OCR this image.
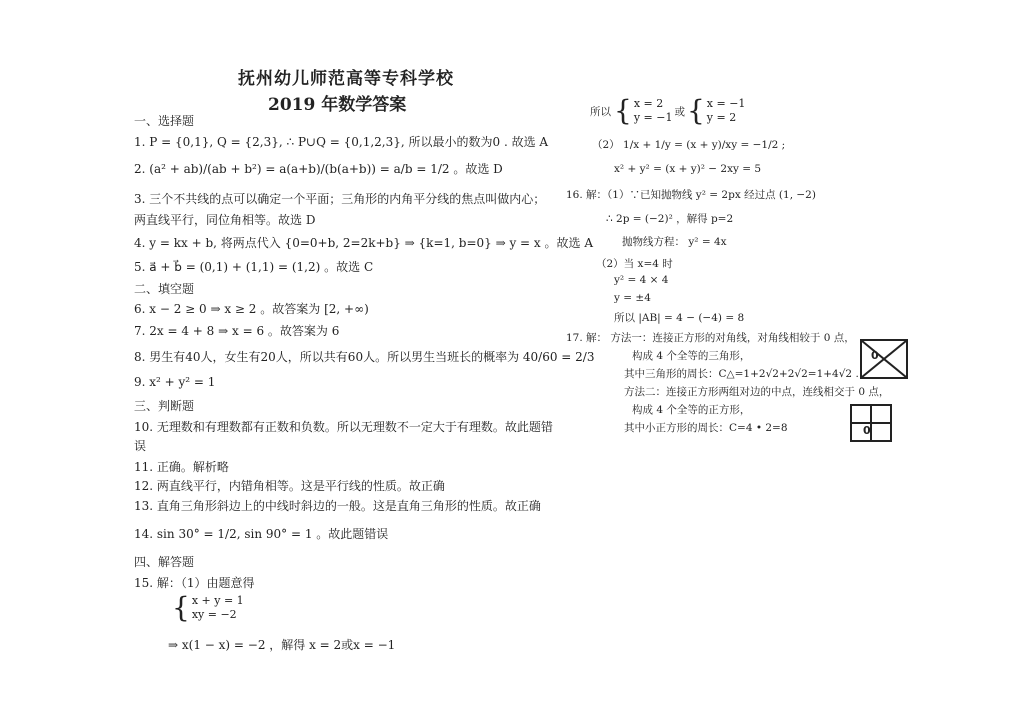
抚州幼儿师范高等专科学校
2019 年数学答案
一、选择题
1. P = {0,1}, Q = {2,3}, ∴ P∪Q = {0,1,2,3}, 所以最小的数为0 . 故选 A
2. (a² + ab)/(ab + b²) = a(a+b)/(b(a+b)) = a/b = 1/2 。故选 D
3. 三个不共线的点可以确定一个平面；三角形的内角平分线的焦点叫做内心；
两直线平行，同位角相等。故选 D
4. y = kx + b, 将两点代入 {0=0+b, 2=2k+b} ⇒ {k=1, b=0} ⇒ y = x 。故选 A
5. a⃗ + b⃗ = (0,1) + (1,1) = (1,2) 。故选 C
二、填空题
6. x − 2 ≥ 0 ⇒ x ≥ 2 。故答案为 [2, +∞)
7. 2x = 4 + 8 ⇒ x = 6 。故答案为 6
8. 男生有40人，女生有20人，所以共有60人。所以男生当班长的概率为 40/60 = 2/3
9. x² + y² = 1
三、判断题
10. 无理数和有理数都有正数和负数。所以无理数不一定大于有理数。故此题错
误
11. 正确。解析略
12. 两直线平行，内错角相等。这是平行线的性质。故正确
13. 直角三角形斜边上的中线时斜边的一般。这是直角三角形的性质。故正确
14. sin 30° = 1/2, sin 90° = 1 。故此题错误
四、解答题
15. 解：（1）由题意得
{ x + y = 1
xy = −2
⇒ x(1 − x) = −2 ，解得 x = 2或x = −1
所以 { x = 2
y = −1 或 { x = −1
y = 2
（2） 1/x + 1/y = (x + y)/xy = −1/2 ;
x² + y² = (x + y)² − 2xy = 5
16. 解：（1）∵已知抛物线 y² = 2px 经过点 (1, −2)
∴ 2p = (−2)² ，解得 p=2
抛物线方程： y² = 4x
（2）当 x=4 时
y² = 4 × 4
y = ±4
所以 |AB| = 4 − (−4) = 8
17. 解： 方法一：连接正方形的对角线，对角线相较于 0 点，
构成 4 个全等的三角形，
其中三角形的周长：C△=1+2√2+2√2=1+4√2 .
方法二：连接正方形两组对边的中点，连线相交于 0 点，
构成 4 个全等的正方形，
其中小正方形的周长：C=4 • 2=8
0
0
